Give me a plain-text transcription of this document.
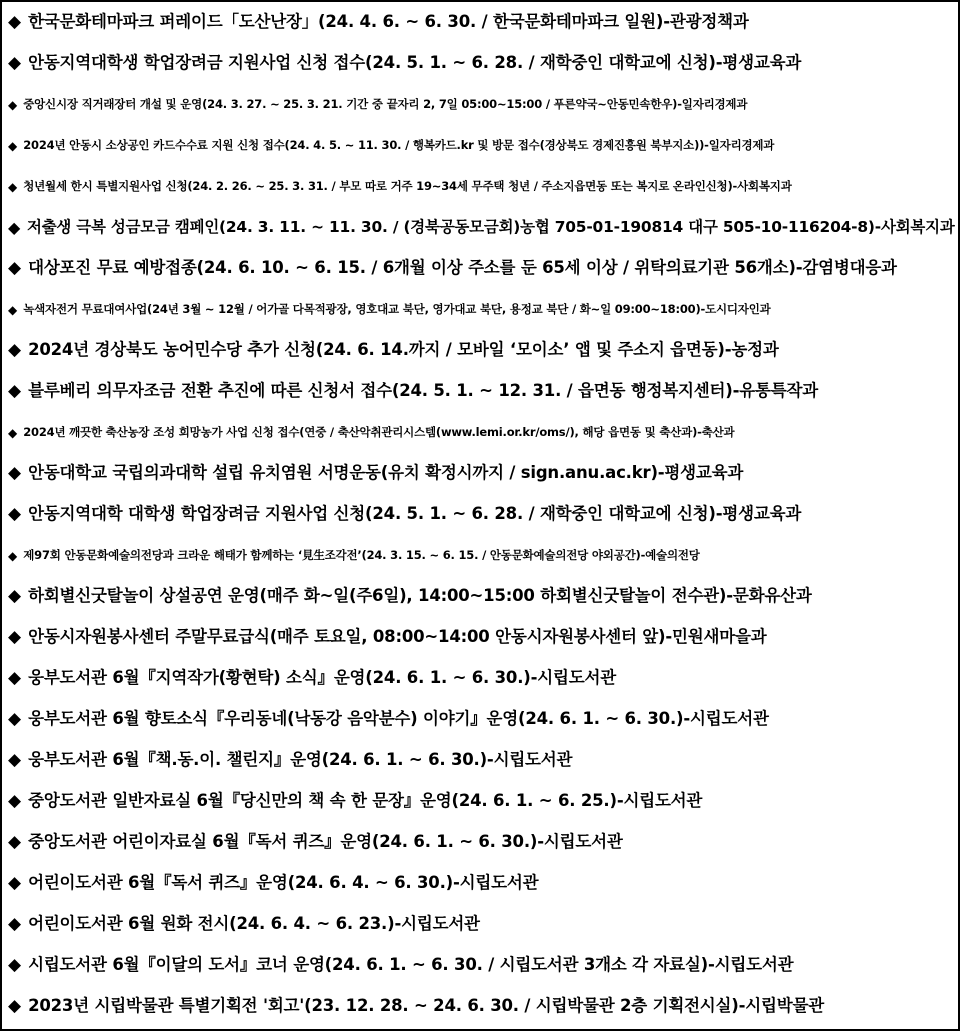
◆ 한국문화테마파크 퍼레이드「도산난장」(24. 4. 6. ~ 6. 30. / 한국문화테마파크 일원)-관광정책과
◆ 안동지역대학생 학업장려금 지원사업 신청 접수(24. 5. 1. ~ 6. 28. / 재학중인 대학교에 신청)-평생교육과
◆ 중앙신시장 직거래장터 개설 및 운영(24. 3. 27. ~ 25. 3. 21. 기간 중 끝자리 2, 7일 05:00~15:00 / 푸른약국~안동민속한우)-일자리경제과
◆ 2024년 안동시 소상공인 카드수수료 지원 신청 접수(24. 4. 5. ~ 11. 30. / 행복카드.kr 및 방문 접수(경상북도 경제진흥원 북부지소))-일자리경제과
◆ 청년월세 한시 특별지원사업 신청(24. 2. 26. ~ 25. 3. 31. / 부모 따로 거주 19~34세 무주택 청년 / 주소지읍면동 또는 복지로 온라인신청)-사회복지과
◆ 저출생 극복 성금모금 캠페인(24. 3. 11. ~ 11. 30. / (경북공동모금회)농협 705-01-190814 대구 505-10-116204-8)-사회복지과
◆ 대상포진 무료 예방접종(24. 6. 10. ~ 6. 15. / 6개월 이상 주소를 둔 65세 이상 / 위탁의료기관 56개소)-감염병대응과
◆ 녹색자전거 무료대여사업(24년 3월 ~ 12월 / 어가골 다목적광장, 영호대교 북단, 영가대교 북단, 용정교 북단 / 화~일 09:00~18:00)-도시디자인과
◆ 2024년 경상북도 농어민수당 추가 신청(24. 6. 14.까지 / 모바일 ‘모이소’ 앱 및 주소지 읍면동)-농정과
◆ 블루베리 의무자조금 전환 추진에 따른 신청서 접수(24. 5. 1. ~ 12. 31. / 읍면동 행정복지센터)-유통특작과
◆ 2024년 깨끗한 축산농장 조성 희망농가 사업 신청 접수(연중 / 축산악취관리시스템(www.lemi.or.kr/oms/), 해당 읍면동 및 축산과)-축산과
◆ 안동대학교 국립의과대학 설립 유치염원 서명운동(유치 확정시까지 / sign.anu.ac.kr)-평생교육과
◆ 안동지역대학 대학생 학업장려금 지원사업 신청(24. 5. 1. ~ 6. 28. / 재학중인 대학교에 신청)-평생교육과
◆ 제97회 안동문화예술의전당과 크라운 해태가 함께하는 ‘見生조각전’(24. 3. 15. ~ 6. 15. / 안동문화예술의전당 야외공간)-예술의전당
◆ 하회별신굿탈놀이 상설공연 운영(매주 화~일(주6일), 14:00~15:00 하회별신굿탈놀이 전수관)-문화유산과
◆ 안동시자원봉사센터 주말무료급식(매주 토요일, 08:00~14:00 안동시자원봉사센터 앞)-민원새마을과
◆ 웅부도서관 6월『지역작가(황현탁) 소식』운영(24. 6. 1. ~ 6. 30.)-시립도서관
◆ 웅부도서관 6월 향토소식『우리동네(낙동강 음악분수) 이야기』운영(24. 6. 1. ~ 6. 30.)-시립도서관
◆ 웅부도서관 6월『책.동.이. 챌린지』운영(24. 6. 1. ~ 6. 30.)-시립도서관
◆ 중앙도서관 일반자료실 6월『당신만의 책 속 한 문장』운영(24. 6. 1. ~ 6. 25.)-시립도서관
◆ 중앙도서관 어린이자료실 6월『독서 퀴즈』운영(24. 6. 1. ~ 6. 30.)-시립도서관
◆ 어린이도서관 6월『독서 퀴즈』운영(24. 6. 4. ~ 6. 30.)-시립도서관
◆ 어린이도서관 6월 원화 전시(24. 6. 4. ~ 6. 23.)-시립도서관
◆ 시립도서관 6월『이달의 도서』코너 운영(24. 6. 1. ~ 6. 30. / 시립도서관 3개소 각 자료실)-시립도서관
◆ 2023년 시립박물관 특별기획전 '회고'(23. 12. 28. ~ 24. 6. 30. / 시립박물관 2층 기획전시실)-시립박물관
